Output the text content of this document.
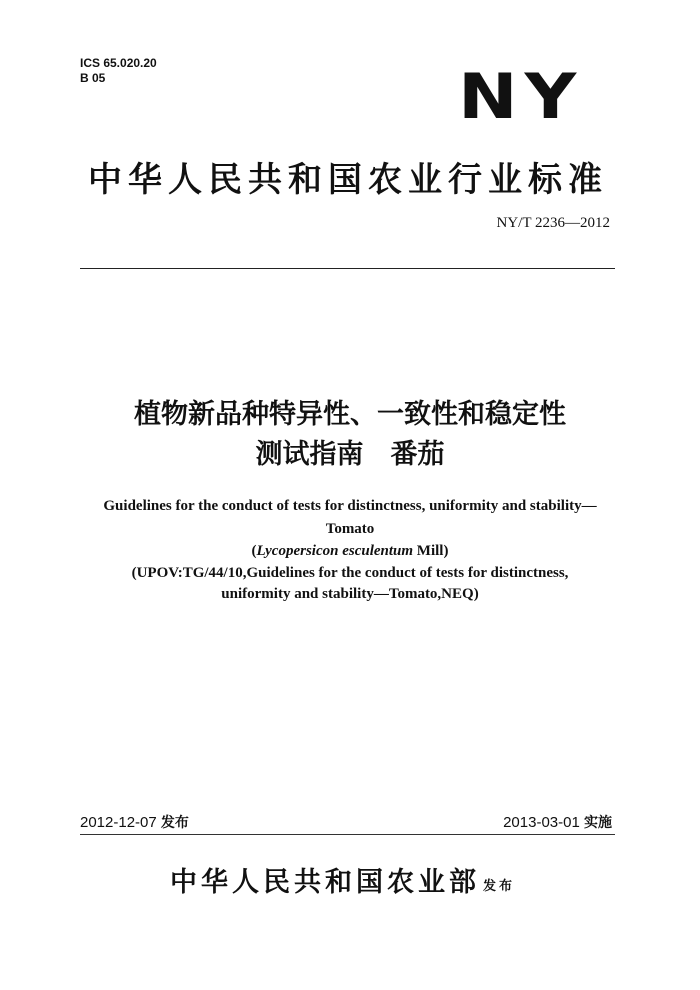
ICS 65.020.20
B 05	NY
中华人民共和国农业行业标准
NY/T 2236—2012
植物新品种特异性、一致性和稳定性
测试指南　番茄
Guidelines for the conduct of tests for distinctness, uniformity and stability—
Tomato
(Lycopersicon esculentum Mill)
(UPOV:TG/44/10,Guidelines for the conduct of tests for distinctness,
uniformity and stability—Tomato,NEQ)
2012-12-07 发布	2013-03-01 实施
中华人民共和国农业部 发布
